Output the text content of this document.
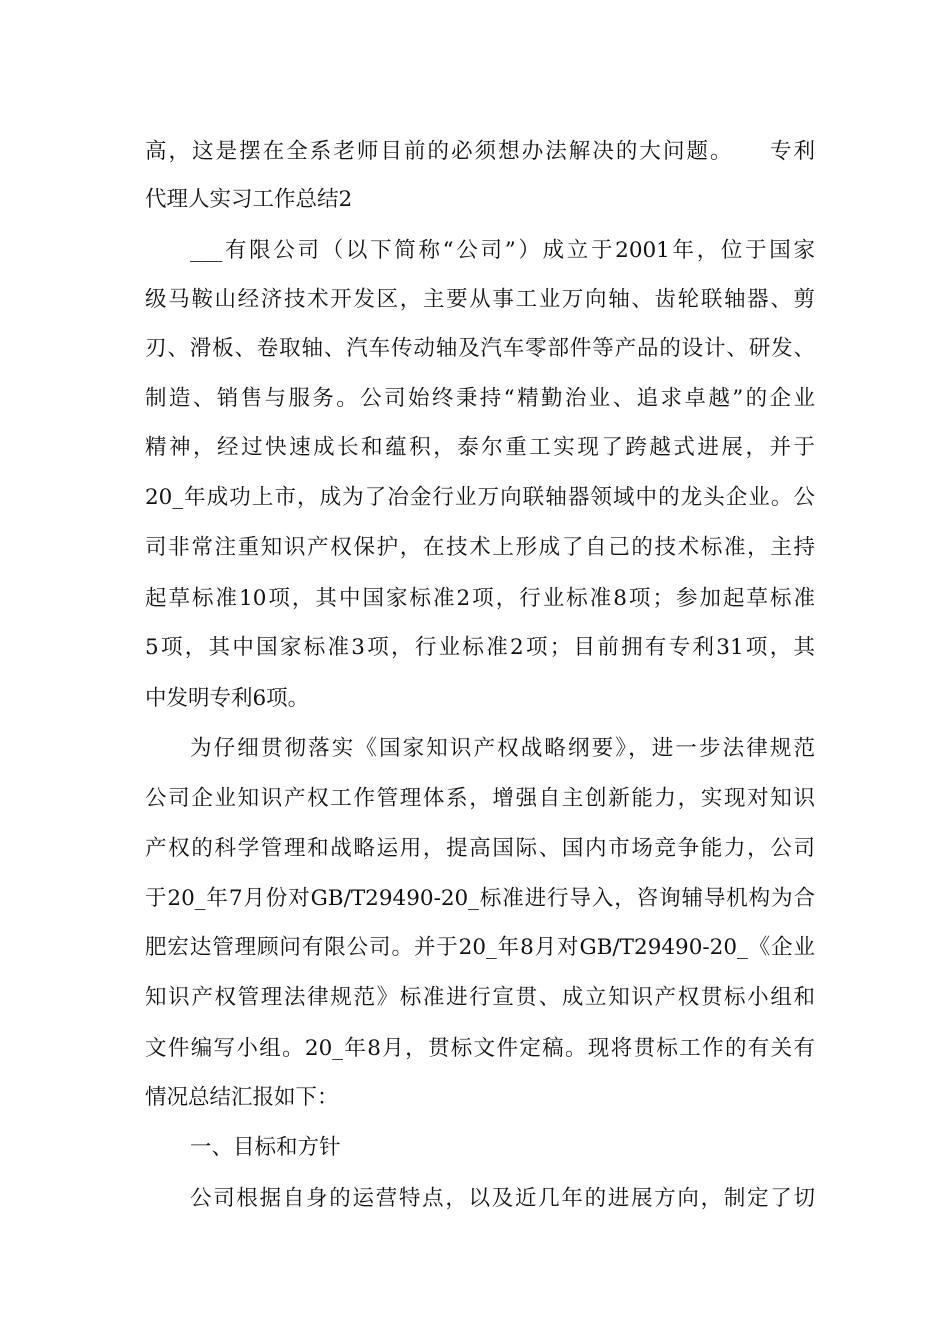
高，这是摆在全系老师目前的必须想办法解决的大问题。　　专利
代理人实习工作总结2
___有限公司（以下简称“公司”）成立于2001年，位于国家
级马鞍山经济技术开发区，主要从事工业万向轴、齿轮联轴器、剪
刃、滑板、卷取轴、汽车传动轴及汽车零部件等产品的设计、研发、
制造、销售与服务。公司始终秉持“精勤治业、追求卓越”的企业
精神，经过快速成长和蕴积，泰尔重工实现了跨越式进展，并于
20_年成功上市，成为了冶金行业万向联轴器领域中的龙头企业。公
司非常注重知识产权保护，在技术上形成了自己的技术标准，主持
起草标准10项，其中国家标准2项，行业标准8项；参加起草标准
5项，其中国家标准3项，行业标准2项；目前拥有专利31项，其
中发明专利6项。
为仔细贯彻落实《国家知识产权战略纲要》，进一步法律规范
公司企业知识产权工作管理体系，增强自主创新能力，实现对知识
产权的科学管理和战略运用，提高国际、国内市场竞争能力，公司
于20_年7月份对GB/T29490-20_标准进行导入，咨询辅导机构为合
肥宏达管理顾问有限公司。并于20_年8月对GB/T29490-20_《企业
知识产权管理法律规范》标准进行宣贯、成立知识产权贯标小组和
文件编写小组。20_年8月，贯标文件定稿。现将贯标工作的有关有
情况总结汇报如下：
一、目标和方针
公司根据自身的运营特点，以及近几年的进展方向，制定了切
